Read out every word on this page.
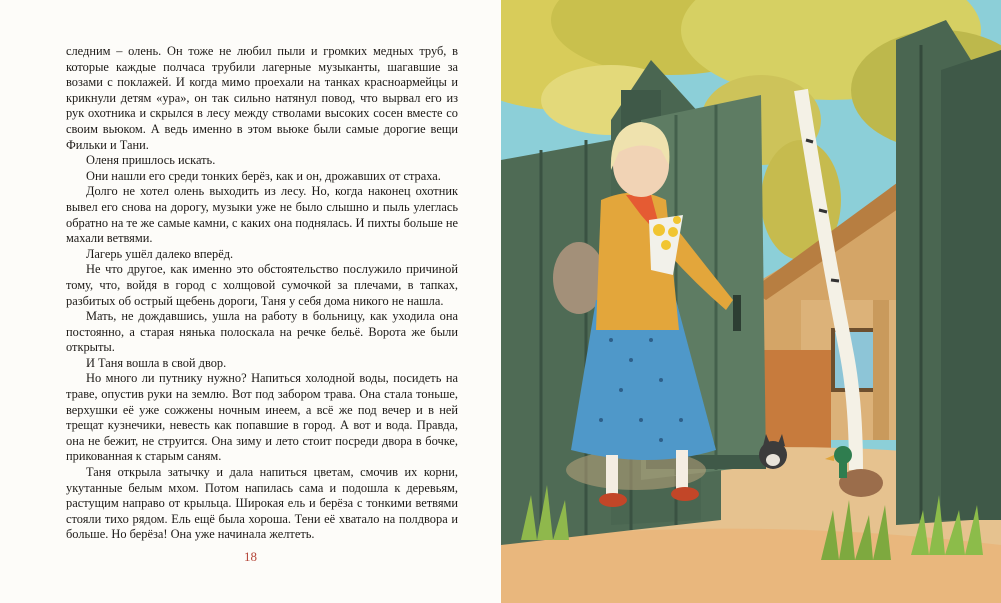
следним – олень. Он тоже не любил пыли и громких медных труб, в которые каждые полчаса трубили лагерные музыканты, шагавшие за возами с поклажей. И когда мимо проехали на танках красноармейцы и крикнули детям «ура», он так сильно натянул повод, что вырвал его из рук охотника и скрылся в лесу между стволами высоких сосен вместе со своим вьюком. А ведь именно в этом вьюке были самые дорогие вещи Фильки и Тани.

Оленя пришлось искать.

Они нашли его среди тонких берёз, как и он, дрожавших от страха.

Долго не хотел олень выходить из лесу. Но, когда наконец охотник вывел его снова на дорогу, музыки уже не было слышно и пыль улеглась обратно на те же самые камни, с каких она поднялась. И пихты больше не махали ветвями.

Лагерь ушёл далеко вперёд.

Не что другое, как именно это обстоятельство послужило причиной тому, что, войдя в город с холщовой сумочкой за плечами, в тапках, разбитых об острый щебень дороги, Таня у себя дома никого не нашла.

Мать, не дождавшись, ушла на работу в больницу, как уходила она постоянно, а старая нянька полоскала на речке бельё. Ворота же были открыты.

И Таня вошла в свой двор.

Но много ли путнику нужно? Напиться холодной воды, посидеть на траве, опустив руки на землю. Вот под забором трава. Она стала тоньше, верхушки её уже сожжены ночным инеем, а всё же под вечер и в ней трещат кузнечики, невесть как попавшие в город. А вот и вода. Правда, она не бежит, не струится. Она зиму и лето стоит посреди двора в бочке, прикованная к старым саням.

Таня открыла затычку и дала напиться цветам, смочив их корни, укутанные белым мхом. Потом напилась сама и подошла к деревьям, растущим направо от крыльца. Широкая ель и берёза с тонкими ветвями стояли тихо рядом. Ель ещё была хороша. Тени её хватало на полдвора и больше. Но берёза! Она уже начинала желтеть.

18
